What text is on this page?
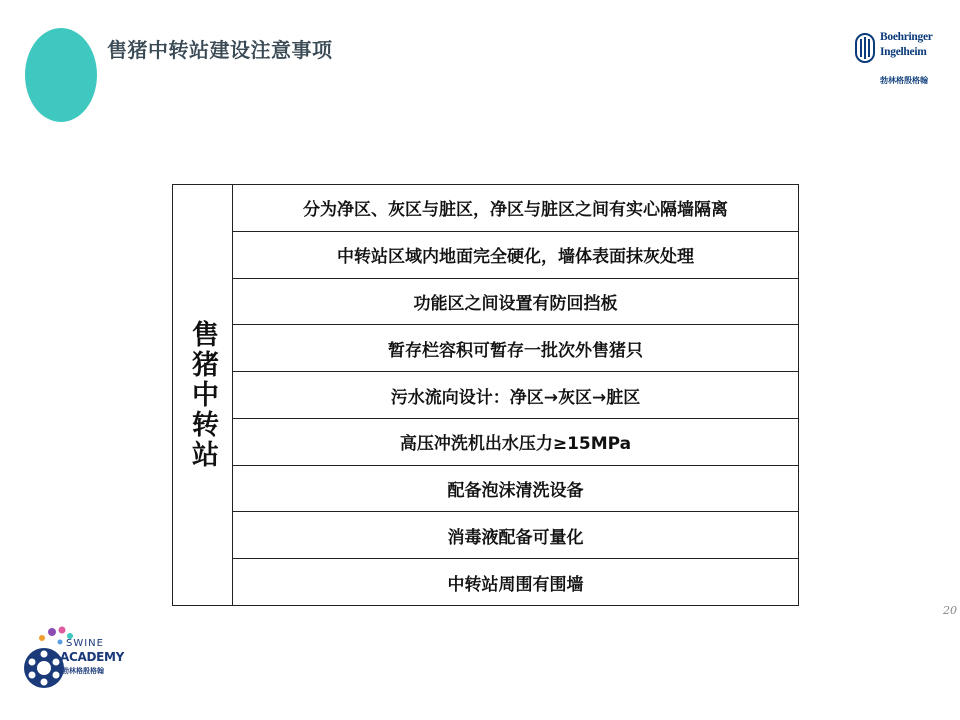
售猪中转站建设注意事项
Boehringer
Ingelheim
勃林格殷格翰
售猪中转站
分为净区、灰区与脏区，净区与脏区之间有实心隔墙隔离
中转站区域内地面完全硬化，墙体表面抹灰处理
功能区之间设置有防回挡板
暂存栏容积可暂存一批次外售猪只
污水流向设计：净区→灰区→脏区
高压冲洗机出水压力≥15MPa
配备泡沫清洗设备
消毒液配备可量化
中转站周围有围墙
20
SWINE
ACADEMY
勃林格殷格翰
